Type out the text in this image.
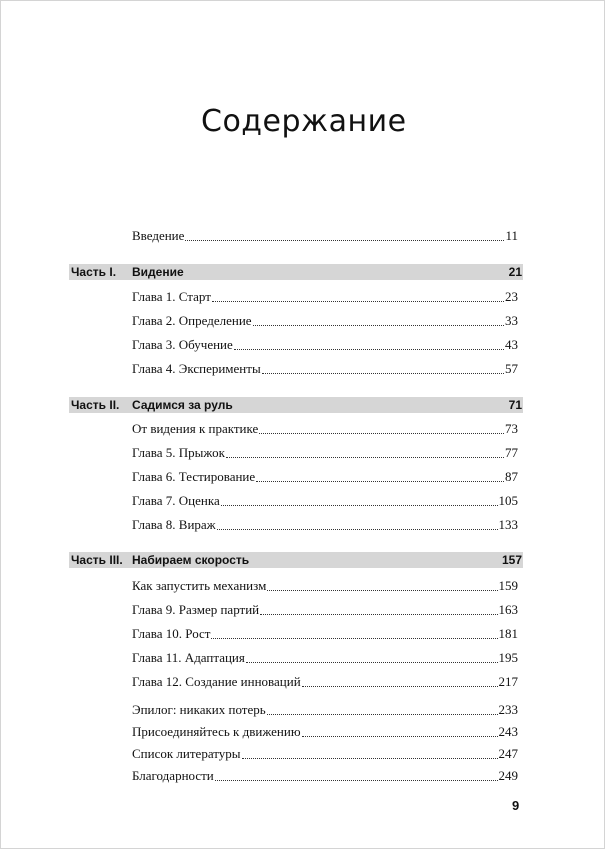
Содержание
Введение	11
Часть I. Видение	21
Глава 1. Старт	23
Глава 2. Определение	33
Глава 3. Обучение	43
Глава 4. Эксперименты	57
Часть II. Садимся за руль	71
От видения к практике	73
Глава 5. Прыжок	77
Глава 6. Тестирование	87
Глава 7. Оценка	105
Глава 8. Вираж	133
Часть III. Набираем скорость	157
Как запустить механизм	159
Глава 9. Размер партий	163
Глава 10. Рост	181
Глава 11. Адаптация	195
Глава 12. Создание инноваций	217
Эпилог: никаких потерь	233
Присоединяйтесь к движению	243
Список литературы	247
Благодарности	249
9
